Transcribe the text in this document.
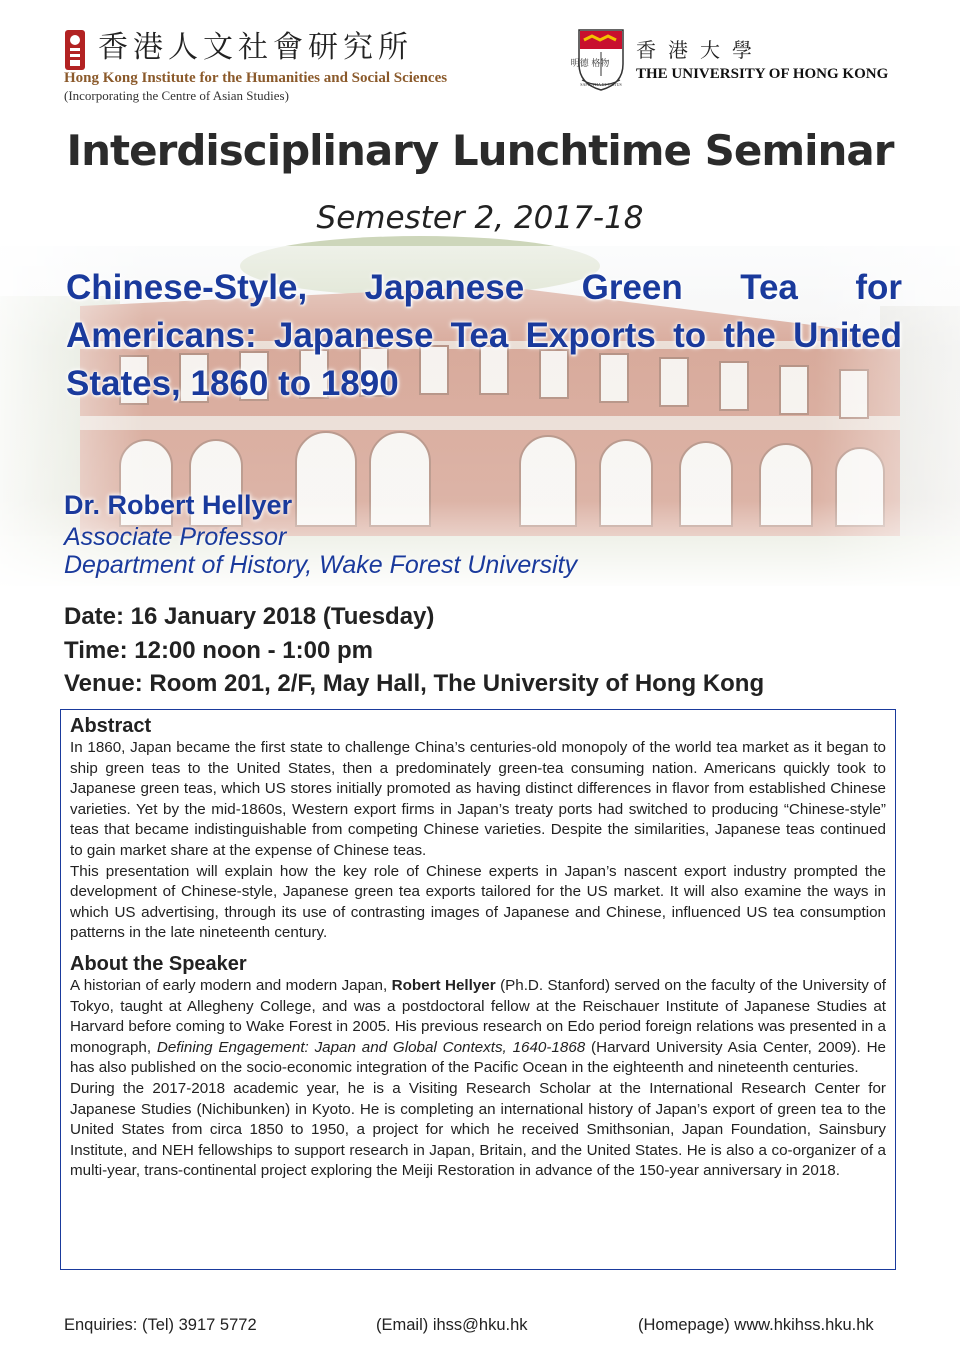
香港人文社會研究所
Hong Kong Institute for the Humanities and Social Sciences
(Incorporating the Centre of Asian Studies)
明德 格物
SAPIENTIA ET VIRTUS
香港大學
THE UNIVERSITY OF HONG KONG
Interdisciplinary Lunchtime Seminar
Semester 2, 2017-18
Chinese-Style, Japanese Green Tea for Americans: Japanese Tea Exports to the United States, 1860 to 1890
Dr. Robert Hellyer
Associate Professor
Department of History, Wake Forest University
Date: 16 January 2018 (Tuesday)
Time: 12:00 noon - 1:00 pm
Venue: Room 201, 2/F, May Hall, The University of Hong Kong
Abstract

In 1860, Japan became the first state to challenge China’s centuries-old monopoly of the world tea market as it began to ship green teas to the United States, then a predominately green-tea consuming nation. Americans quickly took to Japanese green teas, which US stores initially promoted as having distinct differences in flavor from established Chinese varieties. Yet by the mid-1860s, Western export firms in Japan’s treaty ports had switched to producing “Chinese-style” teas that became indistinguishable from competing Chinese varieties. Despite the similarities, Japanese teas continued to gain market share at the expense of Chinese teas.

This presentation will explain how the key role of Chinese experts in Japan’s nascent export industry prompted the development of Chinese-style, Japanese green tea exports tailored for the US market. It will also examine the ways in which US advertising, through its use of contrasting images of Japanese and Chinese, influenced US tea consumption patterns in the late nineteenth century.

About the Speaker

A historian of early modern and modern Japan, Robert Hellyer (Ph.D. Stanford) served on the faculty of the University of Tokyo, taught at Allegheny College, and was a postdoctoral fellow at the Reischauer Institute of Japanese Studies at Harvard before coming to Wake Forest in 2005. His previous research on Edo period foreign relations was presented in a monograph, Defining Engagement: Japan and Global Contexts, 1640-1868 (Harvard University Asia Center, 2009). He has also published on the socio-economic integration of the Pacific Ocean in the eighteenth and nineteenth centuries.

During the 2017-2018 academic year, he is a Visiting Research Scholar at the International Research Center for Japanese Studies (Nichibunken) in Kyoto. He is completing an international history of Japan’s export of green tea to the United States from circa 1850 to 1950, a project for which he received Smithsonian, Japan Foundation, Sainsbury Institute, and NEH fellowships to support research in Japan, Britain, and the United States. He is also a co-organizer of a multi-year, trans-continental project exploring the Meiji Restoration in advance of the 150-year anniversary in 2018.

Enquiries: (Tel) 3917 5772	(Email) ihss@hku.hk	(Homepage) www.hkihss.hku.hk
